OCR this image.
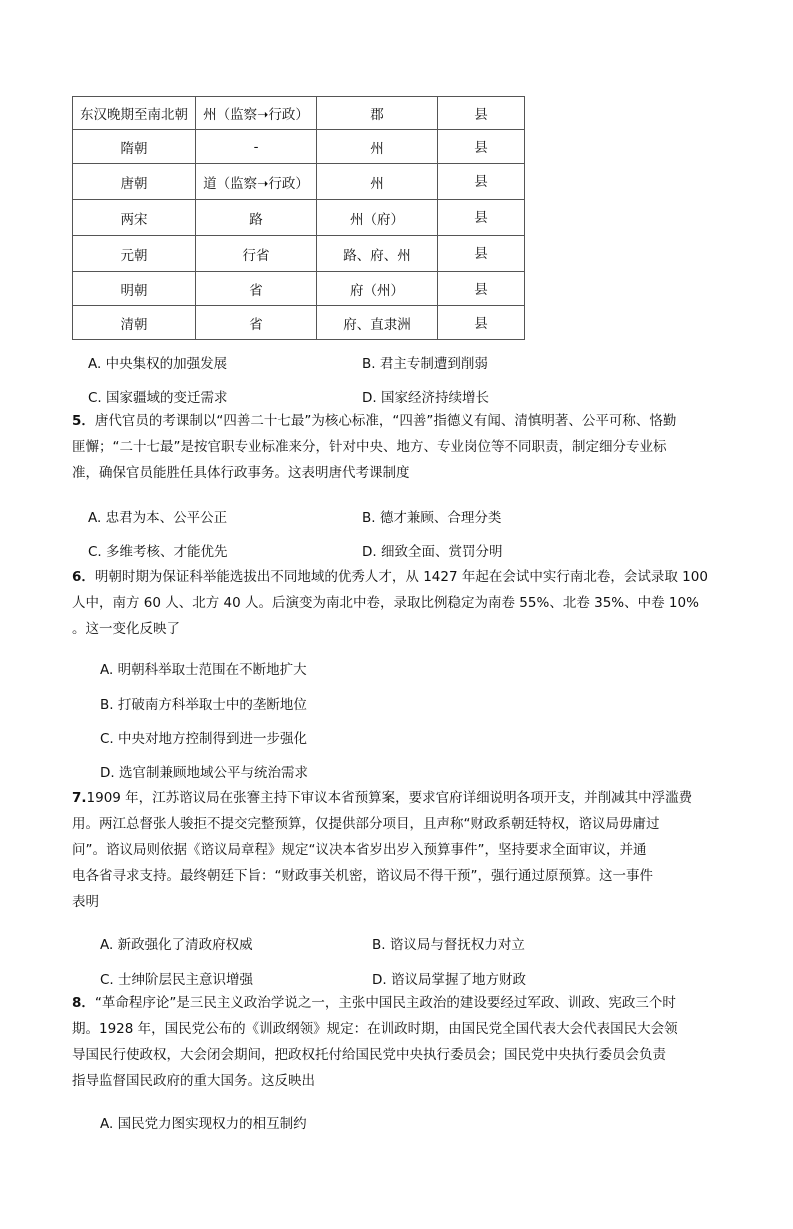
东汉晚期至南北朝	州（监察➝行政）	郡	县
隋朝	-	州	县
唐朝	道（监察➝行政）	州	县
两宋	路	州（府）	县
元朝	行省	路、府、州	县
明朝	省	府（州）	县
清朝	省	府、直隶洲	县
A. 中央集权的加强发展	B. 君主专制遭到削弱
C. 国家疆域的变迁需求	D. 国家经济持续增长
5．唐代官员的考课制以“四善二十七最”为核心标准，“四善”指德义有闻、清慎明著、公平可称、恪勤
匪懈；“二十七最”是按官职专业标准来分，针对中央、地方、专业岗位等不同职责，制定细分专业标
准，确保官员能胜任具体行政事务。这表明唐代考课制度
A. 忠君为本、公平公正	B. 德才兼顾、合理分类
C. 多维考核、才能优先	D. 细致全面、赏罚分明
6．明朝时期为保证科举能选拔出不同地域的优秀人才，从 1427 年起在会试中实行南北卷，会试录取 100
人中，南方 60 人、北方 40 人。后演变为南北中卷，录取比例稳定为南卷 55%、北卷 35%、中卷 10%
。这一变化反映了
A. 明朝科举取士范围在不断地扩大
B. 打破南方科举取士中的垄断地位
C. 中央对地方控制得到进一步强化
D. 选官制兼顾地域公平与统治需求
7.1909 年，江苏谘议局在张謇主持下审议本省预算案，要求官府详细说明各项开支，并削减其中浮滥费
用。两江总督张人骏拒不提交完整预算，仅提供部分项目，且声称“财政系朝廷特权，谘议局毋庸过
问”。谘议局则依据《谘议局章程》规定“议决本省岁出岁入预算事件”，坚持要求全面审议，并通
电各省寻求支持。最终朝廷下旨：“财政事关机密，谘议局不得干预”，强行通过原预算。这一事件
表明
A. 新政强化了清政府权威	B. 谘议局与督抚权力对立
C. 士绅阶层民主意识增强	D. 谘议局掌握了地方财政
8．“革命程序论”是三民主义政治学说之一，主张中国民主政治的建设要经过军政、训政、宪政三个时
期。1928 年，国民党公布的《训政纲领》规定：在训政时期，由国民党全国代表大会代表国民大会领
导国民行使政权，大会闭会期间，把政权托付给国民党中央执行委员会；国民党中央执行委员会负责
指导监督国民政府的重大国务。这反映出
A. 国民党力图实现权力的相互制约
